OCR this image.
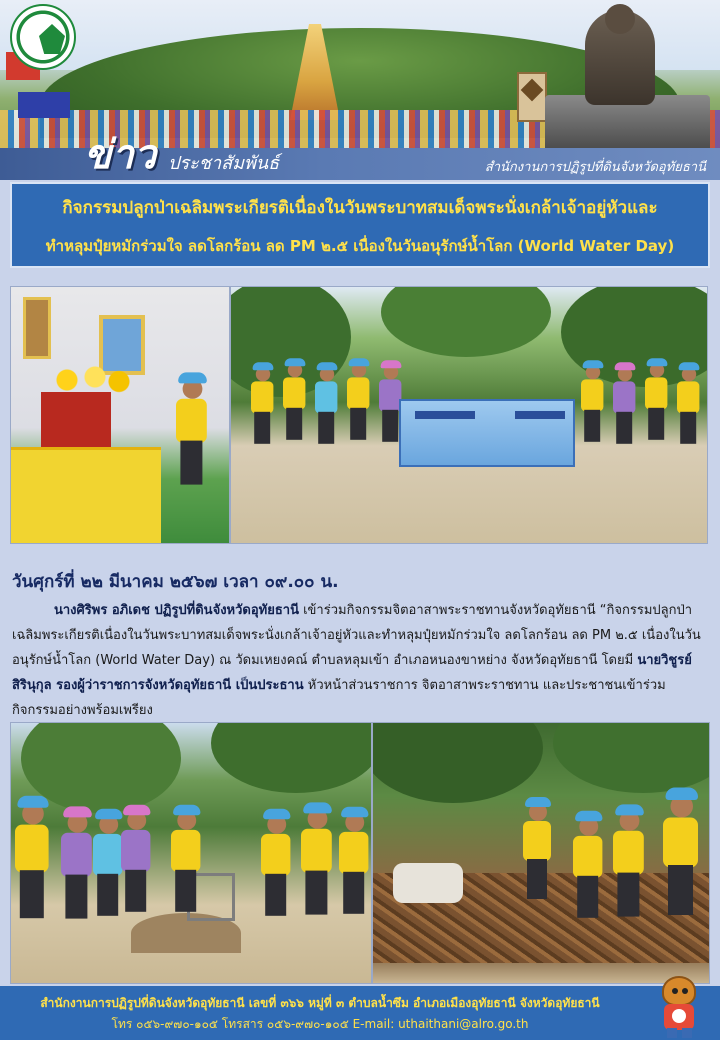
ข่าว ประชาสัมพันธ์	สำนักงานการปฏิรูปที่ดินจังหวัดอุทัยธานี
กิจกรรมปลูกป่าเฉลิมพระเกียรติเนื่องในวันพระบาทสมเด็จพระนั่งเกล้าเจ้าอยู่หัวและ
ทำหลุมปุ๋ยหมักร่วมใจ ลดโลกร้อน ลด PM ๒.๕ เนื่องในวันอนุรักษ์น้ำโลก (World Water Day)
วันศุกร์ที่ ๒๒ มีนาคม ๒๕๖๗ เวลา ๐๙.๐๐ น.
นางศิริพร อภิเดช ปฏิรูปที่ดินจังหวัดอุทัยธานี เข้าร่วมกิจกรรมจิตอาสาพระราชทานจังหวัดอุทัยธานี “กิจกรรมปลูกป่าเฉลิมพระเกียรติเนื่องในวันพระบาทสมเด็จพระนั่งเกล้าเจ้าอยู่หัวและทำหลุมปุ๋ยหมักร่วมใจ ลดโลกร้อน ลด PM ๒.๕ เนื่องในวันอนุรักษ์น้ำโลก (World Water Day) ณ วัดมเหยงคณ์ ตำบลหลุมเข้า อำเภอหนองขาหย่าง จังหวัดอุทัยธานี โดยมี นายวิชูรย์ สิรินุกุล รองผู้ว่าราชการจังหวัดอุทัยธานี เป็นประธาน หัวหน้าส่วนราชการ จิตอาสาพระราชทาน และประชาชนเข้าร่วมกิจกรรมอย่างพร้อมเพรียง
สำนักงานการปฏิรูปที่ดินจังหวัดอุทัยธานี เลขที่ ๓๖๖ หมู่ที่ ๓ ตำบลน้ำซึม อำเภอเมืองอุทัยธานี จังหวัดอุทัยธานี
โทร ๐๕๖-๙๗๐-๑๐๕ โทรสาร ๐๕๖-๙๗๐-๑๐๕ E-mail: uthaithani@alro.go.th
